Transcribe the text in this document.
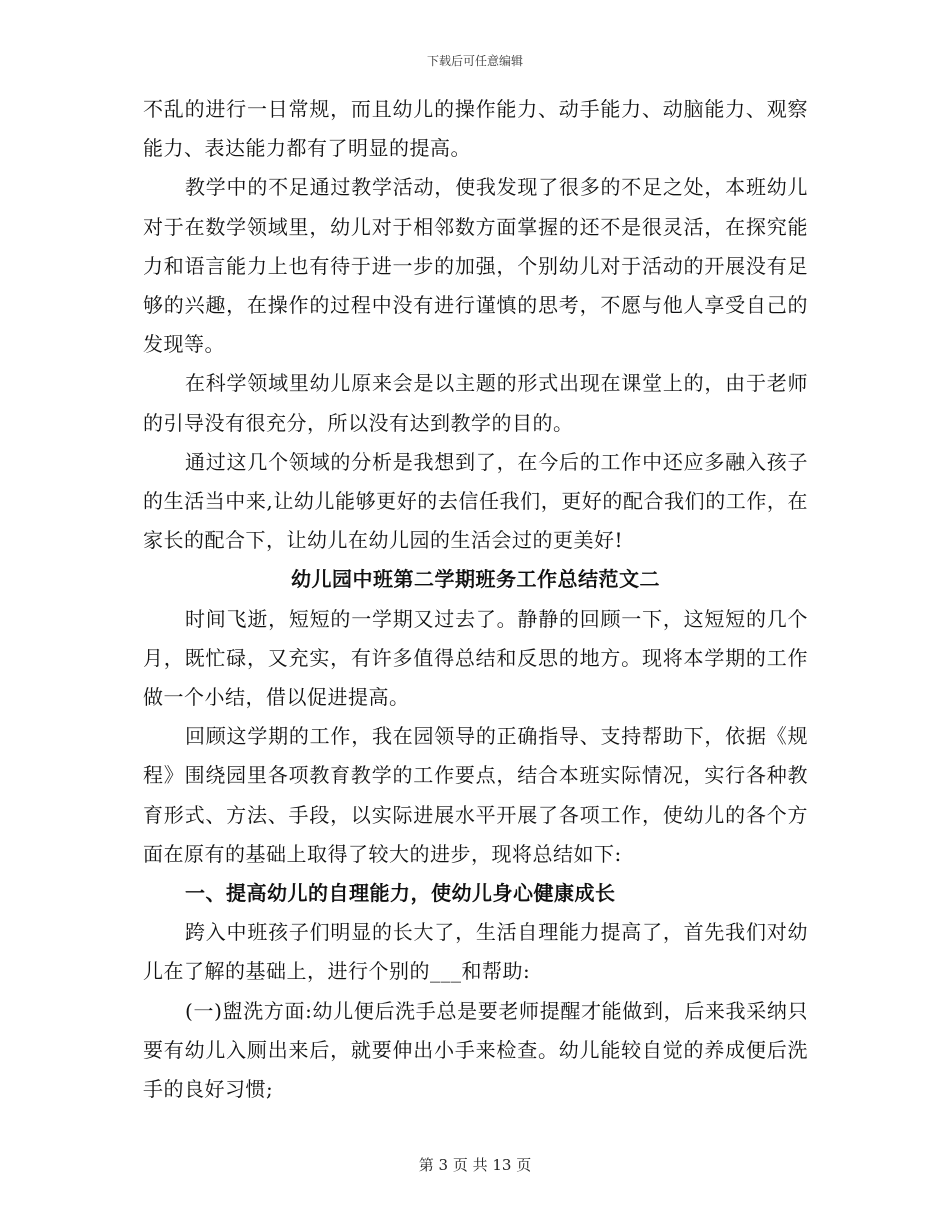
下载后可任意编辑

不乱的进行一日常规，而且幼儿的操作能力、动手能力、动脑能力、观察能力、表达能力都有了明显的提高。

教学中的不足通过教学活动，使我发现了很多的不足之处，本班幼儿对于在数学领域里，幼儿对于相邻数方面掌握的还不是很灵活，在探究能力和语言能力上也有待于进一步的加强，个别幼儿对于活动的开展没有足够的兴趣，在操作的过程中没有进行谨慎的思考，不愿与他人享受自己的发现等。

在科学领域里幼儿原来会是以主题的形式出现在课堂上的，由于老师的引导没有很充分，所以没有达到教学的目的。

通过这几个领域的分析是我想到了，在今后的工作中还应多融入孩子的生活当中来,让幼儿能够更好的去信任我们，更好的配合我们的工作，在家长的配合下，让幼儿在幼儿园的生活会过的更美好!

幼儿园中班第二学期班务工作总结范文二

时间飞逝，短短的一学期又过去了。静静的回顾一下，这短短的几个月，既忙碌，又充实，有许多值得总结和反思的地方。现将本学期的工作做一个小结，借以促进提高。

回顾这学期的工作，我在园领导的正确指导、支持帮助下，依据《规程》围绕园里各项教育教学的工作要点，结合本班实际情况，实行各种教育形式、方法、手段，以实际进展水平开展了各项工作，使幼儿的各个方面在原有的基础上取得了较大的进步，现将总结如下:

一、提高幼儿的自理能力，使幼儿身心健康成长

跨入中班孩子们明显的长大了，生活自理能力提高了，首先我们对幼儿在了解的基础上，进行个别的___和帮助:

(一)盥洗方面:幼儿便后洗手总是要老师提醒才能做到，后来我采纳只要有幼儿入厕出来后，就要伸出小手来检查。幼儿能较自觉的养成便后洗手的良好习惯;

第 3 页 共 13 页
